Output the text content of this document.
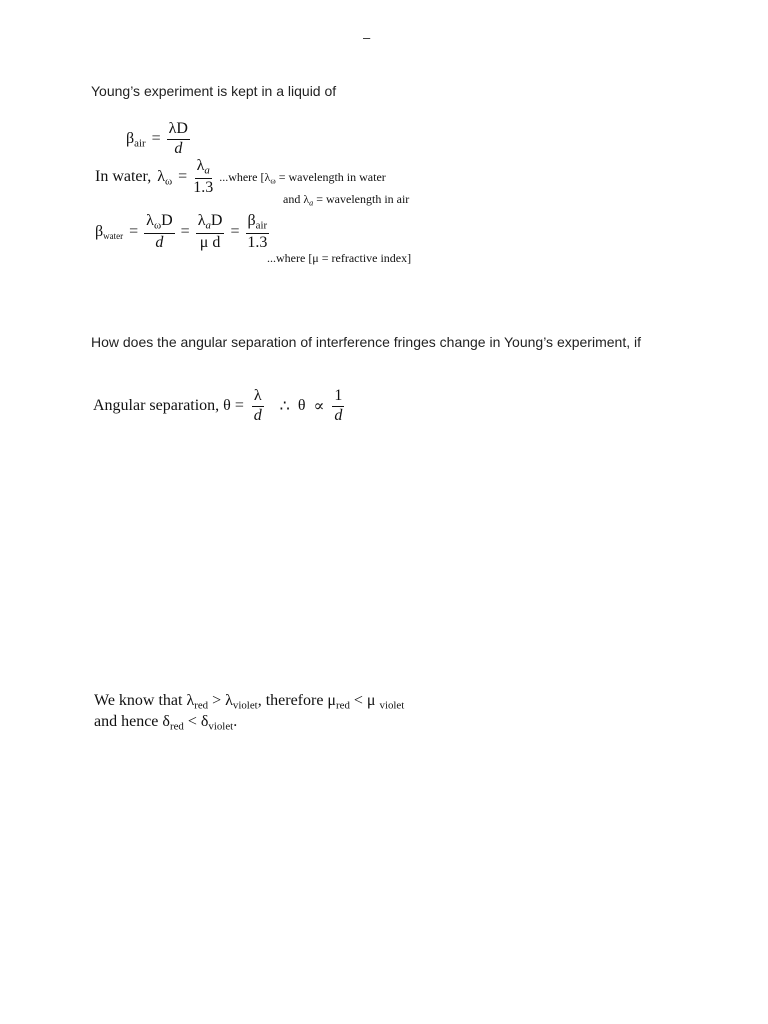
–
Young’s experiment is kept in a liquid of
$\beta_{air} = \frac{\lambda D}{d}$
In water, $\lambda_\omega = \frac{\lambda_a}{1.3}$ ...where [$\lambda_\omega$ = wavelength in water
and $\lambda_a$ = wavelength in air
$\beta_{water} = \frac{\lambda_\omega D}{d} = \frac{\lambda_aD}{\text{μ d}} = \frac{\beta_{air}}{1.3}$
...where [μ = refractive index]
How does the angular separation of interference fringes change in Young’s experiment, if
Angular separation, $\theta = \frac{\lambda}{d}$ ∴ $\theta \propto \frac{1}{d}$
We know that $\lambda_{red} > \lambda_{violet}$, therefore $\mu_{red} < \mu$ $_{violet}$
and hence $\delta_{red} < \delta_{violet}$.
